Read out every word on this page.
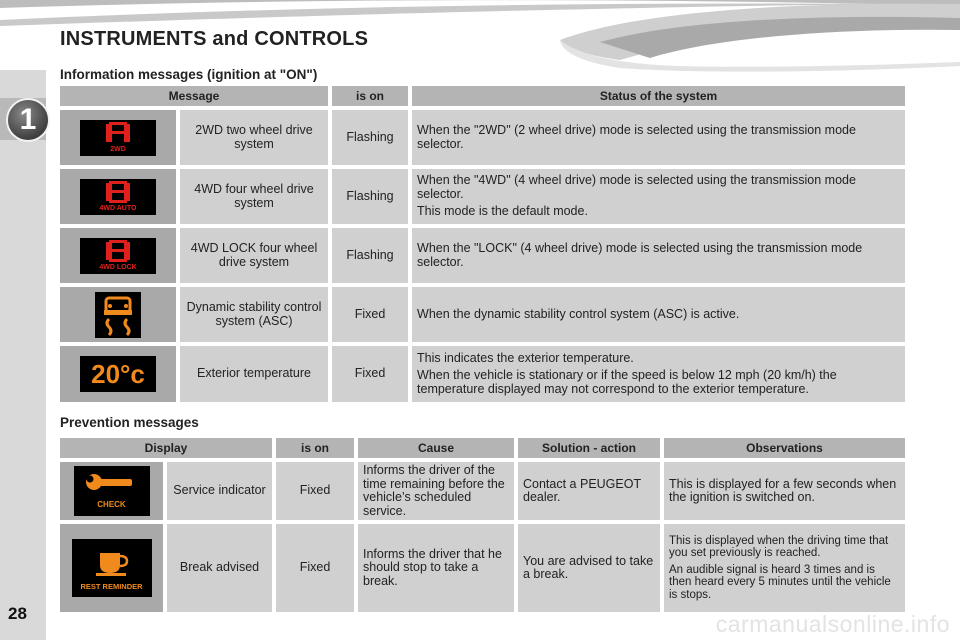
1
INSTRUMENTS and CONTROLS
Information messages (ignition at "ON")
Message		is on	Status of the system

2WD	2WD two wheel drive system	Flashing	When the "2WD" (2 wheel drive) mode is selected using the transmission mode selector.

4WD AUTO	4WD four wheel drive system	Flashing	When the "4WD" (4 wheel drive) mode is selected using the transmission mode selector.

This mode is the default mode.

4WD LOCK	4WD LOCK four wheel drive system	Flashing	When the "LOCK" (4 wheel drive) mode is selected using the transmission mode selector.

	Dynamic stability control system (ASC)	Fixed	When the dynamic stability control system (ASC) is active.

20°c	Exterior temperature	Fixed	This indicates the exterior temperature.

When the vehicle is stationary or if the speed is below 12 mph (20 km/h) the temperature displayed may not correspond to the exterior temperature.

Prevention messages
Display		is on	Cause	Solution - action	Observations

CHECK	Service indicator	Fixed	Informs the driver of the time remaining before the vehicle’s scheduled service.	Contact a PEUGEOT dealer.	This is displayed for a few seconds when the ignition is switched on.

REST REMINDER	Break advised	Fixed	Informs the driver that he should stop to take a break.	You are advised to take a break.	This is displayed when the driving time that you set previously is reached.

An audible signal is heard 3 times and is then heard every 5 minutes until the vehicle is stops.

28	carmanualsonline.info
